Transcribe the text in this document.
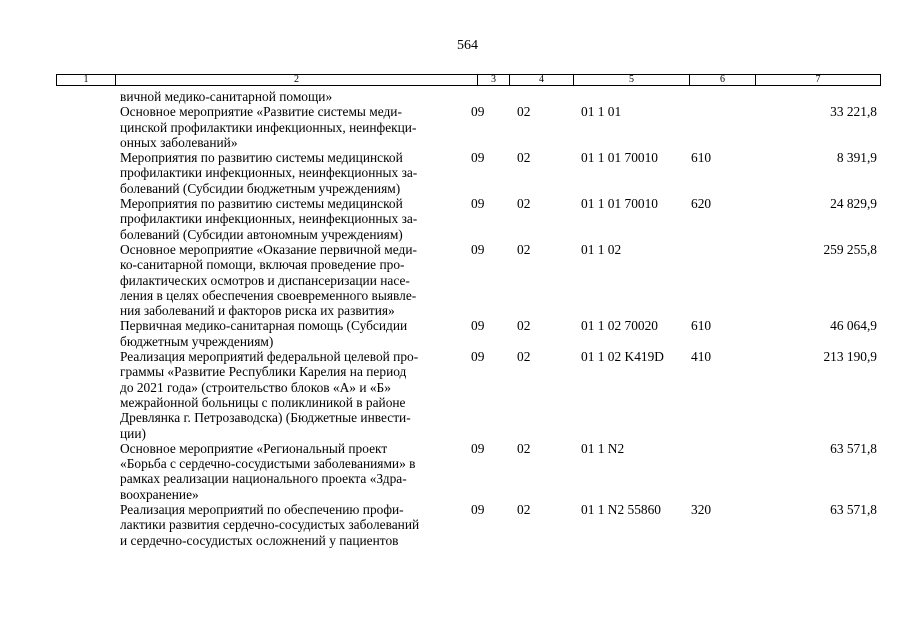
564
1	2	3	4	5	6	7
вичной медико-санитарной помощи»
Основное мероприятие «Развитие системы меди-
цинской профилактики инфекционных, неинфекци-
онных заболеваний»
09 02	01 1 01	33 221,8
Мероприятия по развитию системы медицинской
профилактики инфекционных, неинфекционных за-
болеваний (Субсидии бюджетным учреждениям)
09 02	01 1 01 70010 610	8 391,9
Мероприятия по развитию системы медицинской
профилактики инфекционных, неинфекционных за-
болеваний (Субсидии автономным учреждениям)
09 02	01 1 01 70010 620	24 829,9
Основное мероприятие «Оказание первичной меди-
ко-санитарной помощи, включая проведение про-
филактических осмотров и диспансеризации насе-
ления в целях обеспечения своевременного выявле-
ния заболеваний и факторов риска их развития»
09 02	01 1 02	259 255,8
Первичная медико-санитарная помощь (Субсидии
бюджетным учреждениям)
09 02	01 1 02 70020 610	46 064,9
Реализация мероприятий федеральной целевой про-
граммы «Развитие Республики Карелия на период
до 2021 года» (строительство блоков «А» и «Б»
межрайонной больницы с поликлиникой в районе
Древлянка г. Петрозаводска) (Бюджетные инвести-
ции)
09 02	01 1 02 K419D 410	213 190,9
Основное мероприятие «Региональный проект
«Борьба с сердечно-сосудистыми заболеваниями» в
рамках реализации национального проекта «Здра-
воохранение»
09 02	01 1 N2	63 571,8
Реализация мероприятий по обеспечению профи-
лактики развития сердечно-сосудистых заболеваний
и сердечно-сосудистых осложнений у пациентов
09 02	01 1 N2 55860 320	63 571,8
